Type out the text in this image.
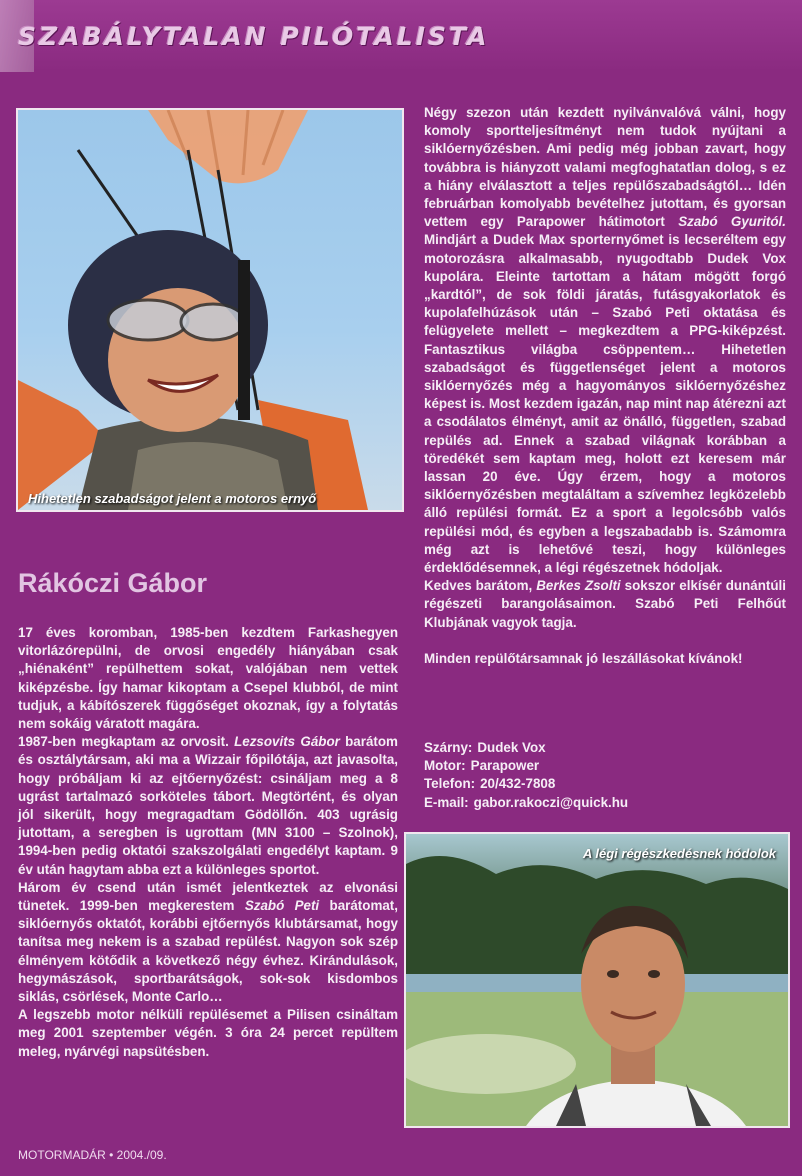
SZABÁLYTALAN PILÓTALISTA
Hihetetlen szabadságot jelent a motoros ernyő
Rákóczi Gábor

17 éves koromban, 1985-ben kezdtem Farkashegyen vitorlázórepülni, de orvosi engedély hiányában csak „hiénaként” repülhettem sokat, valójában nem vettek kiképzésbe. Így hamar kikoptam a Csepel klubból, de mint tudjuk, a kábítószerek függőséget okoznak, így a folytatás nem sokáig váratott magára.

1987-ben megkaptam az orvosit. Lezsovits Gábor barátom és osztálytársam, aki ma a Wizzair főpilótája, azt javasolta, hogy próbáljam ki az ejtőernyőzést: csináljam meg a 8 ugrást tartalmazó sorköteles tábort. Megtörtént, és olyan jól sikerült, hogy megragadtam Gödöllőn. 403 ugrásig jutottam, a seregben is ugrottam (MN 3100 – Szolnok), 1994-ben pedig oktatói szakszolgálati engedélyt kaptam. 9 év után hagytam abba ezt a különleges sportot.

Három év csend után ismét jelentkeztek az elvonási tünetek. 1999-ben megkerestem Szabó Peti barátomat, siklóernyős oktatót, korábbi ejtőernyős klubtársamat, hogy tanítsa meg nekem is a szabad repülést. Nagyon sok szép élményem kötődik a következő négy évhez. Kirándulások, hegymászások, sportbarátságok, sok-sok kisdombos siklás, csörlések, Monte Carlo…

A legszebb motor nélküli repülésemet a Pilisen csináltam meg 2001 szeptember végén. 3 óra 24 percet repültem meleg, nyárvégi napsütésben.

Négy szezon után kezdett nyilvánvalóvá válni, hogy komoly sportteljesítményt nem tudok nyújtani a siklóernyőzésben. Ami pedig még jobban zavart, hogy továbbra is hiányzott valami megfoghatatlan dolog, s ez a hiány elválasztott a teljes repülőszabadságtól… Idén februárban komolyabb bevételhez jutottam, és gyorsan vettem egy Parapower hátimotort Szabó Gyuritól. Mindjárt a Dudek Max sporternyőmet is lecseréltem egy motorozásra alkalmasabb, nyugodtabb Dudek Vox kupolára. Eleinte tartottam a hátam mögött forgó „kardtól”, de sok földi járatás, futásgyakorlatok és kupolafelhúzások után – Szabó Peti oktatása és felügyelete mellett – megkezdtem a PPG-kiképzést. Fantasztikus világba csöppentem… Hihetetlen szabadságot és függetlenséget jelent a motoros siklóernyőzés még a hagyományos siklóernyőzéshez képest is. Most kezdem igazán, nap mint nap átérezni azt a csodálatos élményt, amit az önálló, független, szabad repülés ad. Ennek a szabad világnak korábban a töredékét sem kaptam meg, holott ezt keresem már lassan 20 éve. Úgy érzem, hogy a motoros siklóernyőzésben megtaláltam a szívemhez legközelebb álló repülési formát. Ez a sport a legolcsóbb valós repülési mód, és egyben a legszabadabb is. Számomra még azt is lehetővé teszi, hogy különleges érdeklődésemnek, a légi régészetnek hódoljak.

Kedves barátom, Berkes Zsolti sokszor elkísér dunántúli régészeti barangolásaimon. Szabó Peti Felhőút Klubjának vagyok tagja.

Minden repülőtársamnak jó leszállásokat kívánok!

Szárny: Dudek Vox
Motor: Parapower
Telefon: 20/432-7808
E-mail: gabor.rakoczi@quick.hu
A légi régészkedésnek hódolok
MOTORMADÁR • 2004./09.
